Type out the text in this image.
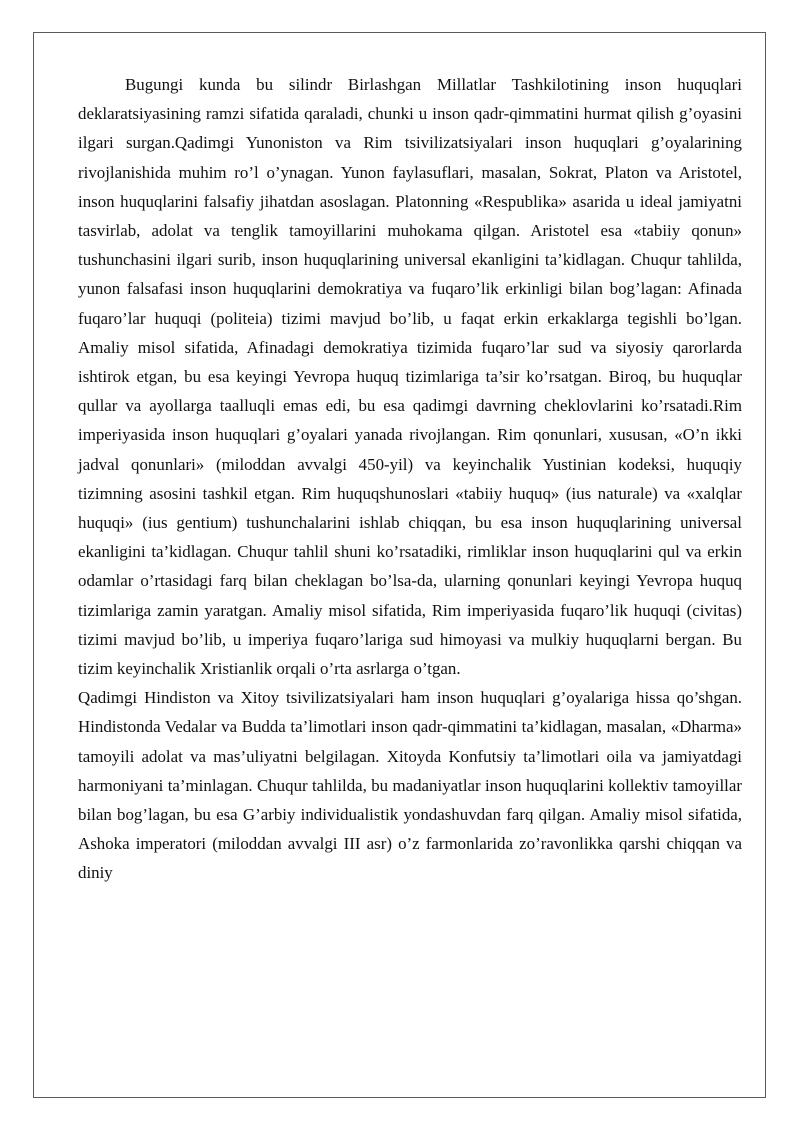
Bugungi kunda bu silindr Birlashgan Millatlar Tashkilotining inson huquqlari deklaratsiyasining ramzi sifatida qaraladi, chunki u inson qadr-qimmatini hurmat qilish g’oyasini ilgari surgan.Qadimgi Yunoniston va Rim tsivilizatsiyalari inson huquqlari g’oyalarining rivojlanishida muhim ro’l o’ynagan. Yunon faylasuflari, masalan, Sokrat, Platon va Aristotel, inson huquqlarini falsafiy jihatdan asoslagan. Platonning «Respublika» asarida u ideal jamiyatni tasvirlab, adolat va tenglik tamoyillarini muhokama qilgan. Aristotel esa «tabiiy qonun» tushunchasini ilgari surib, inson huquqlarining universal ekanligini ta’kidlagan. Chuqur tahlilda, yunon falsafasi inson huquqlarini demokratiya va fuqaro’lik erkinligi bilan bog’lagan: Afinada fuqaro’lar huquqi (politeia) tizimi mavjud bo’lib, u faqat erkin erkaklarga tegishli bo’lgan. Amaliy misol sifatida, Afinadagi demokratiya tizimida fuqaro’lar sud va siyosiy qarorlarda ishtirok etgan, bu esa keyingi Yevropa huquq tizimlariga ta’sir ko’rsatgan. Biroq, bu huquqlar qullar va ayollarga taalluqli emas edi, bu esa qadimgi davrning cheklovlarini ko’rsatadi.Rim imperiyasida inson huquqlari g’oyalari yanada rivojlangan. Rim qonunlari, xususan, «O’n ikki jadval qonunlari» (miloddan avvalgi 450-yil) va keyinchalik Yustinian kodeksi, huquqiy tizimning asosini tashkil etgan. Rim huquqshunoslari «tabiiy huquq» (ius naturale) va «xalqlar huquqi» (ius gentium) tushunchalarini ishlab chiqqan, bu esa inson huquqlarining universal ekanligini ta’kidlagan. Chuqur tahlil shuni ko’rsatadiki, rimliklar inson huquqlarini qul va erkin odamlar o’rtasidagi farq bilan cheklagan bo’lsa-da, ularning qonunlari keyingi Yevropa huquq tizimlariga zamin yaratgan. Amaliy misol sifatida, Rim imperiyasida fuqaro’lik huquqi (civitas) tizimi mavjud bo’lib, u imperiya fuqaro’lariga sud himoyasi va mulkiy huquqlarni bergan. Bu tizim keyinchalik Xristianlik orqali o’rta asrlarga o’tgan.

Qadimgi Hindiston va Xitoy tsivilizatsiyalari ham inson huquqlari g’oyalariga hissa qo’shgan. Hindistonda Vedalar va Budda ta’limotlari inson qadr-qimmatini ta’kidlagan, masalan, «Dharma» tamoyili adolat va mas’uliyatni belgilagan. Xitoyda Konfutsiy ta’limotlari oila va jamiyatdagi harmoniyani ta’minlagan. Chuqur tahlilda, bu madaniyatlar inson huquqlarini kollektiv tamoyillar bilan bog’lagan, bu esa G’arbiy individualistik yondashuvdan farq qilgan. Amaliy misol sifatida, Ashoka imperatori (miloddan avvalgi III asr) o’z farmonlarida zo’ravonlikka qarshi chiqqan va diniy
